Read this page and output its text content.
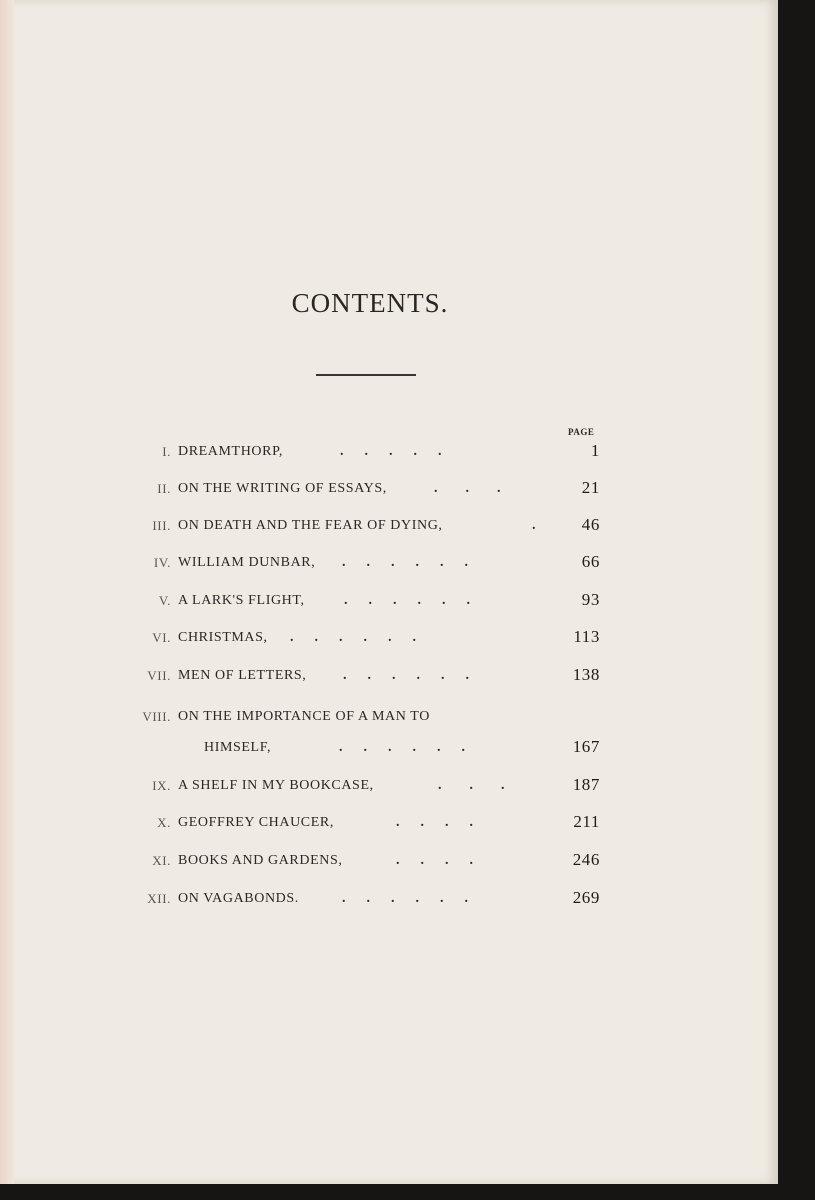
CONTENTS.
PAGE
I. DREAMTHORP,	.      .      .      .      .	1
II. ON THE WRITING OF ESSAYS,	.        .        .	21
III. ON DEATH AND THE FEAR OF DYING,	.	46
IV. WILLIAM DUNBAR, .      .      .      .      .      .	66
V. A LARK'S FLIGHT,	.      .      .      .      .      .	93
VI. CHRISTMAS, .      .      .      .      .      .	113
VII. MEN OF LETTERS,	.      .      .      .      .      .	138
VIII. ON THE IMPORTANCE OF A MAN TO
HIMSELF,	.      .      .      .      .      .	167
IX. A SHELF IN MY BOOKCASE,	.        .        .	187
X. GEOFFREY CHAUCER,	.      .      .      .	211
XI. BOOKS AND GARDENS,	.      .      .      .	246
XII. ON VAGABONDS.	.      .      .      .      .      .	269
